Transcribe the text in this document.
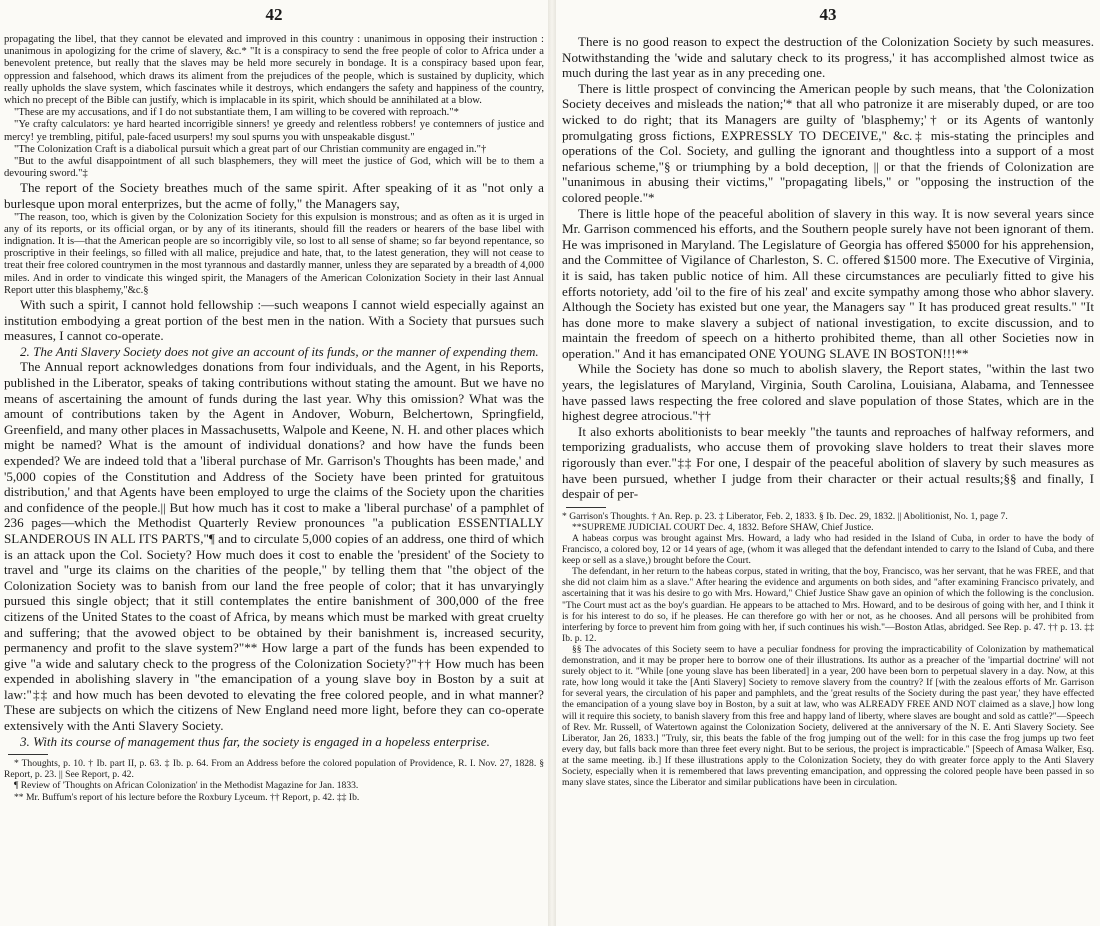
42

propagating the libel, that they cannot be elevated and improved in this country : unanimous in opposing their instruction : unanimous in apologizing for the crime of slavery, &c.* "It is a conspiracy to send the free people of color to Africa under a benevolent pretence, but really that the slaves may be held more securely in bondage. It is a conspiracy based upon fear, oppression and falsehood, which draws its aliment from the prejudices of the people, which is sustained by duplicity, which really upholds the slave system, which fascinates while it destroys, which endangers the safety and happiness of the country, which no precept of the Bible can justify, which is implacable in its spirit, which should be annihilated at a blow.

"These are my accusations, and if I do not substantiate them, I am willing to be covered with reproach."*

"Ye crafty calculators: ye hard hearted incorrigible sinners! ye greedy and relentless robbers! ye contemners of justice and mercy! ye trembling, pitiful, pale-faced usurpers! my soul spurns you with unspeakable disgust."

"The Colonization Craft is a diabolical pursuit which a great part of our Christian community are engaged in."†

"But to the awful disappointment of all such blasphemers, they will meet the justice of God, which will be to them a devouring sword."‡

The report of the Society breathes much of the same spirit. After speaking of it as "not only a burlesque upon moral enterprizes, but the acme of folly," the Managers say,

"The reason, too, which is given by the Colonization Society for this expulsion is monstrous; and as often as it is urged in any of its reports, or its official organ, or by any of its itinerants, should fill the readers or hearers of the base libel with indignation. It is—that the American people are so incorrigibly vile, so lost to all sense of shame; so far beyond repentance, so proscriptive in their feelings, so filled with all malice, prejudice and hate, that, to the latest generation, they will not cease to treat their free colored countrymen in the most tyrannous and dastardly manner, unless they are separated by a breadth of 4,000 miles. And in order to vindicate this winged spirit, the Managers of the American Colonization Society in their last Annual Report utter this blasphemy,"&c.§

With such a spirit, I cannot hold fellowship :—such weapons I cannot wield especially against an institution embodying a great portion of the best men in the nation. With a Society that pursues such measures, I cannot co-operate.

2. The Anti Slavery Society does not give an account of its funds, or the manner of expending them.

The Annual report acknowledges donations from four individuals, and the Agent, in his Reports, published in the Liberator, speaks of taking contributions without stating the amount. But we have no means of ascertaining the amount of funds during the last year. Why this omission? What was the amount of contributions taken by the Agent in Andover, Woburn, Belchertown, Springfield, Greenfield, and many other places in Massachusetts, Walpole and Keene, N. H. and other places which might be named? What is the amount of individual donations? and how have the funds been expended? We are indeed told that a 'liberal purchase of Mr. Garrison's Thoughts has been made,' and '5,000 copies of the Constitution and Address of the Society have been printed for gratuitous distribution,' and that Agents have been employed to urge the claims of the Society upon the charities and confidence of the people.|| But how much has it cost to make a 'liberal purchase' of a pamphlet of 236 pages—which the Methodist Quarterly Review pronounces "a publication ESSENTIALLY SLANDEROUS IN ALL ITS PARTS,"¶ and to circulate 5,000 copies of an address, one third of which is an attack upon the Col. Society? How much does it cost to enable the 'president' of the Society to travel and "urge its claims on the charities of the people," by telling them that "the object of the Colonization Society was to banish from our land the free people of color; that it has unvaryingly pursued this single object; that it still contemplates the entire banishment of 300,000 of the free citizens of the United States to the coast of Africa, by means which must be marked with great cruelty and suffering; that the avowed object to be obtained by their banishment is, increased security, permanency and profit to the slave system?"** How large a part of the funds has been expended to give "a wide and salutary check to the progress of the Colonization Society?"†† How much has been expended in abolishing slavery in "the emancipation of a young slave boy in Boston by a suit at law:"‡‡ and how much has been devoted to elevating the free colored people, and in what manner? These are subjects on which the citizens of New England need more light, before they can co-operate extensively with the Anti Slavery Society.

3. With its course of management thus far, the society is engaged in a hopeless enterprise.

* Thoughts, p. 10. † Ib. part II, p. 63. ‡ Ib. p. 64. From an Address before the colored population of Providence, R. I. Nov. 27, 1828. § Report, p. 23. || See Report, p. 42.

¶ Review of 'Thoughts on African Colonization' in the Methodist Magazine for Jan. 1833.

** Mr. Buffum's report of his lecture before the Roxbury Lyceum. †† Report, p. 42. ‡‡ Ib.

43

There is no good reason to expect the destruction of the Colonization Society by such measures. Notwithstanding the 'wide and salutary check to its progress,' it has accomplished almost twice as much during the last year as in any preceding one.

There is little prospect of convincing the American people by such means, that 'the Colonization Society deceives and misleads the nation;'* that all who patronize it are miserably duped, or are too wicked to do right; that its Managers are guilty of 'blasphemy;'† or its Agents of wantonly promulgating gross fictions, EXPRESSLY TO DECEIVE," &c.‡ mis-stating the principles and operations of the Col. Society, and gulling the ignorant and thoughtless into a support of a most nefarious scheme,"§ or triumphing by a bold deception, || or that the friends of Colonization are "unanimous in abusing their victims," "propagating libels," or "opposing the instruction of the colored people."*

There is little hope of the peaceful abolition of slavery in this way. It is now several years since Mr. Garrison commenced his efforts, and the Southern people surely have not been ignorant of them. He was imprisoned in Maryland. The Legislature of Georgia has offered $5000 for his apprehension, and the Committee of Vigilance of Charleston, S. C. offered $1500 more. The Executive of Virginia, it is said, has taken public notice of him. All these circumstances are peculiarly fitted to give his efforts notoriety, add 'oil to the fire of his zeal' and excite sympathy among those who abhor slavery. Although the Society has existed but one year, the Managers say " It has produced great results." "It has done more to make slavery a subject of national investigation, to excite discussion, and to maintain the freedom of speech on a hitherto prohibited theme, than all other Societies now in operation." And it has emancipated ONE YOUNG SLAVE IN BOSTON!!!**

While the Society has done so much to abolish slavery, the Report states, "within the last two years, the legislatures of Maryland, Virginia, South Carolina, Louisiana, Alabama, and Tennessee have passed laws respecting the free colored and slave population of those States, which are in the highest degree atrocious."††

It also exhorts abolitionists to bear meekly "the taunts and reproaches of halfway reformers, and temporizing gradualists, who accuse them of provoking slave holders to treat their slaves more rigorously than ever."‡‡ For one, I despair of the peaceful abolition of slavery by such measures as have been pursued, whether I judge from their character or their actual results;§§ and finally, I despair of per-

* Garrison's Thoughts. † An. Rep. p. 23. ‡ Liberator, Feb. 2, 1833. § Ib. Dec. 29, 1832. || Abolitionist, No. 1, page 7.

**SUPREME JUDICIAL COURT Dec. 4, 1832. Before SHAW, Chief Justice.

A habeas corpus was brought against Mrs. Howard, a lady who had resided in the Island of Cuba, in order to have the body of Francisco, a colored boy, 12 or 14 years of age, (whom it was alleged that the defendant intended to carry to the Island of Cuba, and there keep or sell as a slave,) brought before the Court.

The defendant, in her return to the habeas corpus, stated in writing, that the boy, Francisco, was her servant, that he was FREE, and that she did not claim him as a slave." After hearing the evidence and arguments on both sides, and "after examining Francisco privately, and ascertaining that it was his desire to go with Mrs. Howard," Chief Justice Shaw gave an opinion of which the following is the conclusion. "The Court must act as the boy's guardian. He appears to be attached to Mrs. Howard, and to be desirous of going with her, and I think it is for his interest to do so, if he pleases. He can therefore go with her or not, as he chooses. And all persons will be prohibited from interfering by force to prevent him from going with her, if such continues his wish."—Boston Atlas, abridged. See Rep. p. 47. †† p. 13. ‡‡ Ib. p. 12.

§§ The advocates of this Society seem to have a peculiar fondness for proving the impracticability of Colonization by mathematical demonstration, and it may be proper here to borrow one of their illustrations. Its author as a preacher of the 'impartial doctrine' will not surely object to it. "While [one young slave has been liberated] in a year, 200 have been born to perpetual slavery in a day. Now, at this rate, how long would it take the [Anti Slavery] Society to remove slavery from the country? If [with the zealous efforts of Mr. Garrison for several years, the circulation of his paper and pamphlets, and the 'great results of the Society during the past year,' they have effected the emancipation of a young slave boy in Boston, by a suit at law, who was ALREADY FREE AND NOT claimed as a slave,] how long will it require this society, to banish slavery from this free and happy land of liberty, where slaves are bought and sold as cattle?"—Speech of Rev. Mr. Russell, of Watertown against the Colonization Society, delivered at the anniversary of the N. E. Anti Slavery Society. See Liberator, Jan 26, 1833.] "Truly, sir, this beats the fable of the frog jumping out of the well: for in this case the frog jumps up two feet every day, but falls back more than three feet every night. But to be serious, the project is impracticable." [Speech of Amasa Walker, Esq. at the same meeting. ib.] If these illustrations apply to the Colonization Society, they do with greater force apply to the Anti Slavery Society, especially when it is remembered that laws preventing emancipation, and oppressing the colored people have been passed in so many slave states, since the Liberator and similar publications have been in circulation.
